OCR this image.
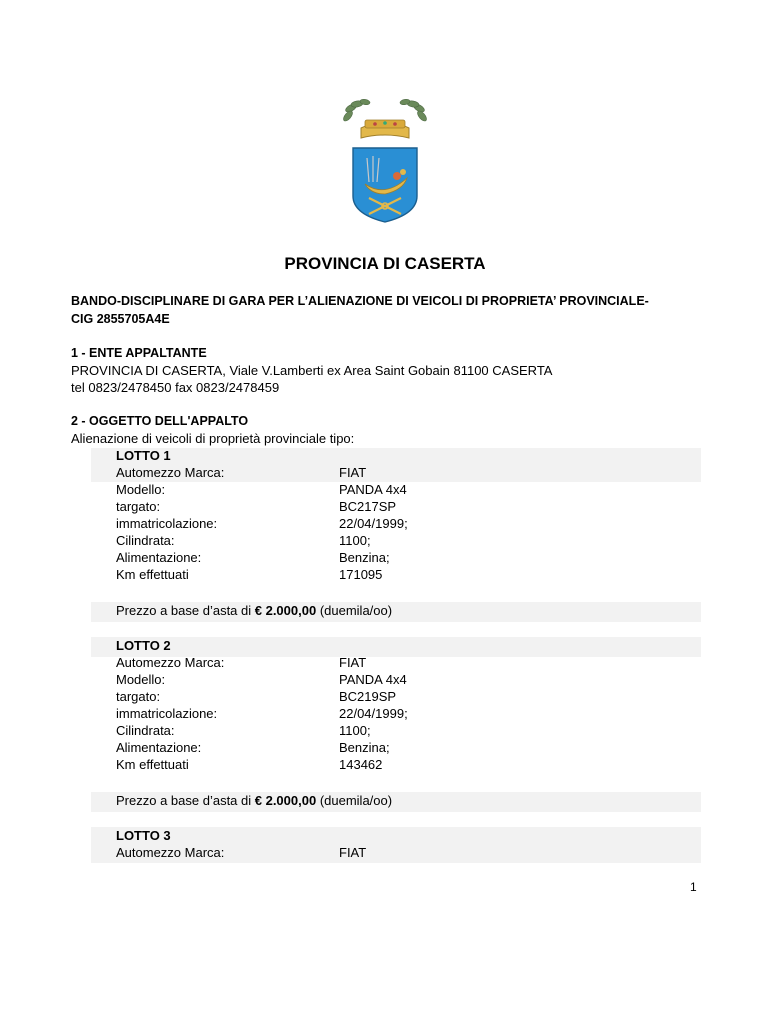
PROVINCIA DI CASERTA
BANDO-DISCIPLINARE DI GARA PER L’ALIENAZIONE DI VEICOLI DI PROPRIETA’ PROVINCIALE-
CIG 2855705A4E
1 - ENTE APPALTANTE
PROVINCIA DI CASERTA, Viale V.Lamberti ex Area Saint Gobain 81100 CASERTA
tel 0823/2478450 fax 0823/2478459
2 - OGGETTO DELL'APPALTO
Alienazione di veicoli di proprietà provinciale tipo:
LOTTO 1
Automezzo Marca:	FIAT
Modello:	PANDA 4x4
targato:	BC217SP
immatricolazione:	22/04/1999;
Cilindrata:	1100;
Alimentazione:	Benzina;
Km effettuati	171095
Prezzo a base d’asta di € 2.000,00 (duemila/oo)
LOTTO 2
Automezzo Marca:	FIAT
Modello:	PANDA 4x4
targato:	BC219SP
immatricolazione:	22/04/1999;
Cilindrata:	1100;
Alimentazione:	Benzina;
Km effettuati	143462
Prezzo a base d’asta di € 2.000,00 (duemila/oo)
LOTTO 3
Automezzo Marca:	FIAT
1
